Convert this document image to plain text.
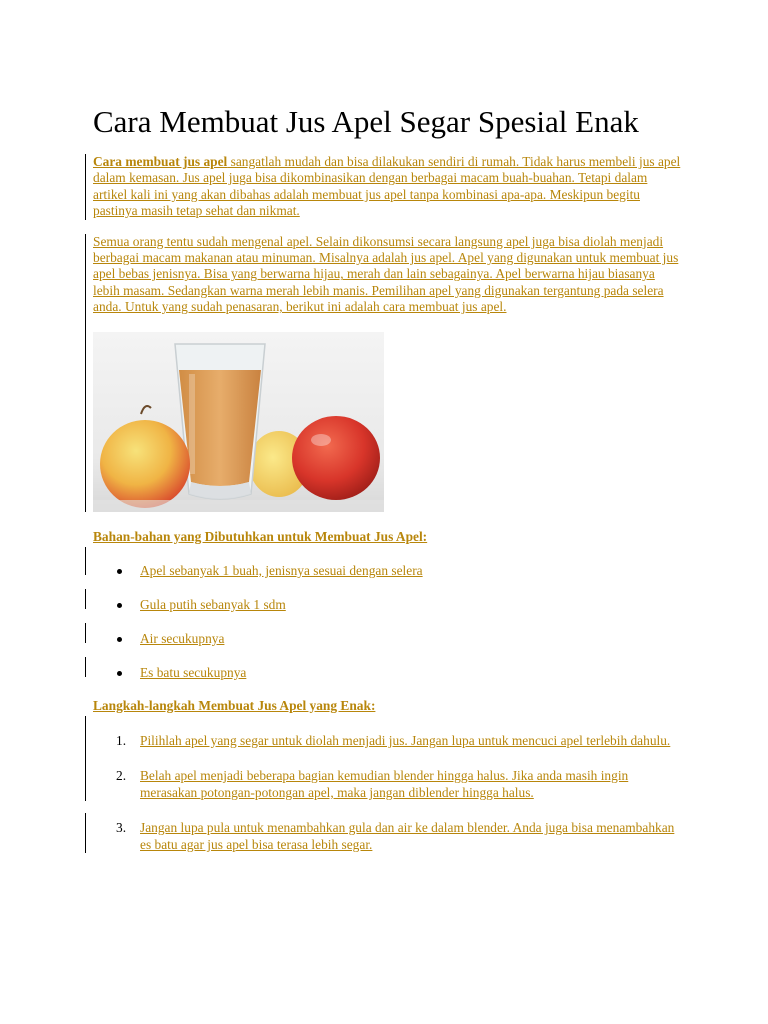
Cara Membuat Jus Apel Segar Spesial Enak

Cara membuat jus apel sangatlah mudah dan bisa dilakukan sendiri di rumah. Tidak harus membeli jus apel dalam kemasan. Jus apel juga bisa dikombinasikan dengan berbagai macam buah-buahan. Tetapi dalam artikel kali ini yang akan dibahas adalah membuat jus apel tanpa kombinasi apa-apa. Meskipun begitu pastinya masih tetap sehat dan nikmat.

Semua orang tentu sudah mengenal apel. Selain dikonsumsi secara langsung apel juga bisa diolah menjadi berbagai macam makanan atau minuman. Misalnya adalah jus apel. Apel yang digunakan untuk membuat jus apel bebas jenisnya. Bisa yang berwarna hijau, merah dan lain sebagainya. Apel berwarna hijau biasanya lebih masam. Sedangkan warna merah lebih manis. Pemilihan apel yang digunakan tergantung pada selera anda. Untuk yang sudah penasaran, berikut ini adalah cara membuat jus apel.

Bahan-bahan yang Dibutuhkan untuk Membuat Jus Apel:
Apel sebanyak 1 buah, jenisnya sesuai dengan selera
Gula putih sebanyak 1 sdm
Air secukupnya
Es batu secukupnya
Langkah-langkah Membuat Jus Apel yang Enak:
1. Pilihlah apel yang segar untuk diolah menjadi jus. Jangan lupa untuk mencuci apel terlebih dahulu.
2. Belah apel menjadi beberapa bagian kemudian blender hingga halus. Jika anda masih ingin merasakan potongan-potongan apel, maka jangan diblender hingga halus.
3. Jangan lupa pula untuk menambahkan gula dan air ke dalam blender. Anda juga bisa menambahkan es batu agar jus apel bisa terasa lebih segar.
